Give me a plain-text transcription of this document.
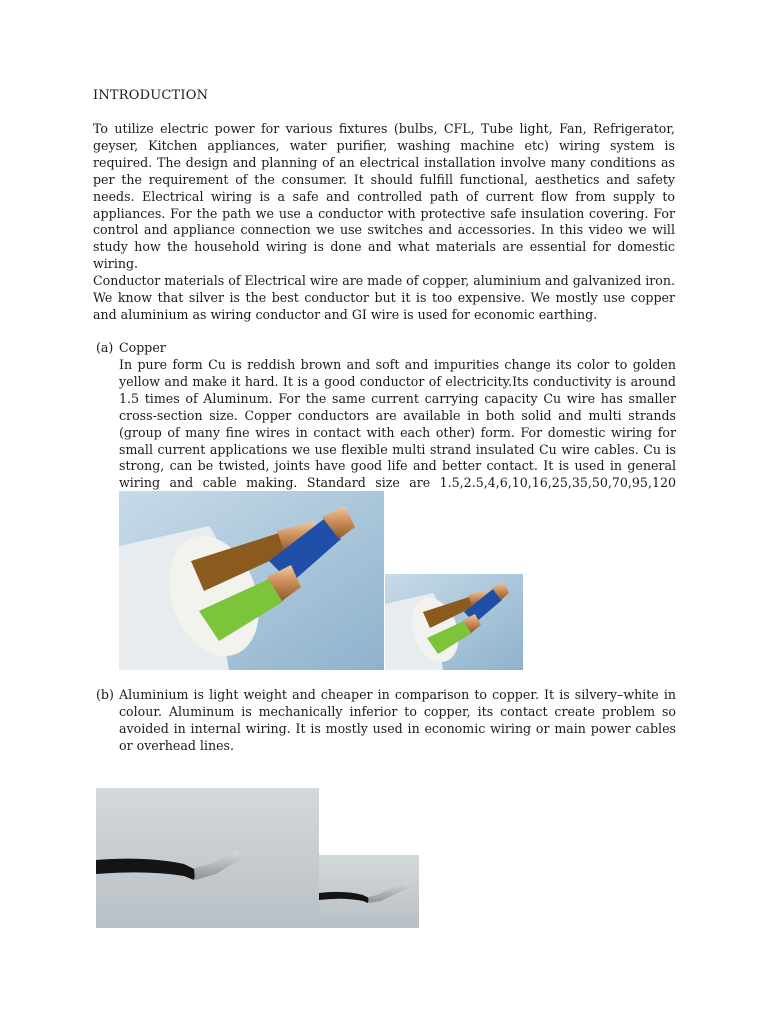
INTRODUCTION

To utilize electric power for various fixtures (bulbs, CFL, Tube light, Fan, Refrigerator, geyser, Kitchen appliances, water purifier, washing machine etc) wiring system is required. The design and planning of an electrical installation involve many conditions as per the requirement of the consumer. It should fulfill functional, aesthetics and safety needs. Electrical wiring is a safe and controlled path of current flow from supply to appliances. For the path we use a conductor with protective safe insulation covering. For control and appliance connection we use switches and accessories. In this video we will study how the household wiring is done and what materials are essential for domestic wiring.

Conductor materials of Electrical wire are made of copper, aluminium and galvanized iron. We know that silver is the best conductor but it is too expensive. We mostly use copper and aluminium as wiring conductor and GI wire is used for economic earthing.

(a) Copper

In pure form Cu is reddish brown and soft and impurities change its color to golden yellow and make it hard. It is a good conductor of electricity.Its conductivity is around 1.5 times of Aluminum. For the same current carrying capacity Cu wire has smaller cross-section size. Copper conductors are available in both solid and multi strands (group of many fine wires in contact with each other) form. For domestic wiring for small current applications we use flexible multi strand insulated Cu wire cables. Cu is strong, can be twisted, joints have good life and better contact. It is used in general wiring and cable making. Standard size are 1.5,2.5,4,6,10,16,25,35,50,70,95,120

(b) Aluminium is light weight and cheaper in comparison to copper. It is silvery–white in colour. Aluminum is mechanically inferior to copper, its contact create problem so avoided in internal wiring. It is mostly used in economic wiring or main power cables or overhead lines.
